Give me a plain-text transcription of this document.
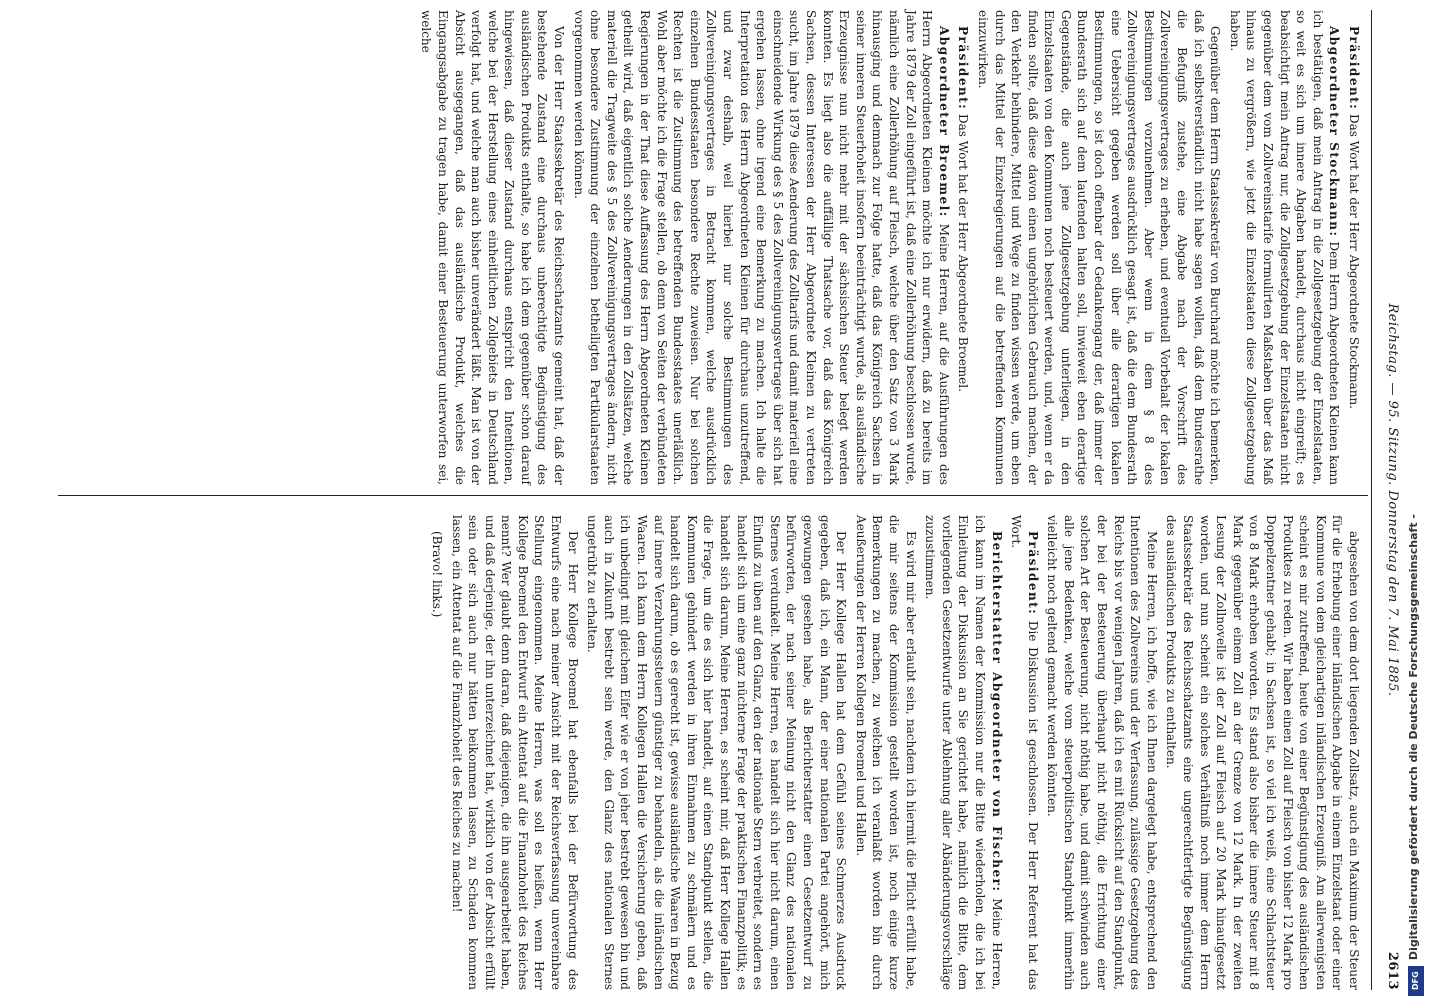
Reichstag. — 95. Sitzung. Donnerstag den 7. Mai 1885.
2613

Präsident: Das Wort hat der Herr Abgeordnete Stockmann.

Abgeordneter Stockmann: Dem Herrn Abgeordneten Kleinen kann ich bestätigen, daß mein Antrag in die Zollgesetzgebung der Einzelstaaten, so weit es sich um innere Abgaben handelt, durchaus nicht eingreift; es beabsichtigt mein Antrag nur, die Zollgesetzgebung der Einzelstaaten nicht gegenüber dem vom Zollvereinstarife formulirten Maßstaben über das Maß hinaus zu vergrößern, wie jetzt die Einzelstaaten diese Zollgesetzgebung haben.

Gegenüber dem Herrn Staatssekretär von Burchard möchte ich bemerken, daß ich selbstverständlich nicht habe sagen wollen, daß dem Bundesrathe die Befugniß zustehe, eine Abgabe nach der Vorschrift des Zollvereinigungsvertrages zu erheben, und eventuell Vorbehalt der lokalen Bestimmungen vorzunehmen. Aber wenn in dem § 8 des Zollvereinigungsvertrages ausdrücklich gesagt ist, daß die dem Bundesrath eine Uebersicht gegeben werden soll über alle derartigen lokalen Bestimmungen, so ist doch offenbar der Gedankengang der, daß immer der Bundesrath sich auf dem laufenden halten soll, inwieweit eben derartige Gegenstände, die auch jene Zollgesetzgebung unterliegen, in den Einzelstaaten von den Kommunen noch besteuert werden, und, wenn er da finden sollte, daß diese davon einen ungehörlichen Gebrauch machen, der den Verkehr behindere, Mittel und Wege zu finden wissen werde, um eben durch das Mittel der Einzelregierungen auf die betreffenden Kommunen einzuwirken.

Präsident: Das Wort hat der Herr Abgeordnete Broemel.

Abgeordneter Broemel: Meine Herren, auf die Ausführungen des Herrn Abgeordneten Kleinen möchte ich nur erwidern, daß zu bereits im Jahre 1879 der Zoll eingeführt ist, daß eine Zollerhöhung beschlossen wurde, nämlich eine Zollerhöhung auf Fleisch, welche über den Satz von 3 Mark hinausging und demnach zur Folge hatte, daß das Königreich Sachsen in seiner inneren Steuerhoheit insofern beeinträchtigt wurde, als ausländische Erzeugnisse nun nicht mehr mit der sächsischen Steuer belegt werden konnten. Es liegt also die auffällige Thatsache vor, daß das Königreich Sachsen, dessen Interessen der Herr Abgeordnete Kleinen zu vertreten sucht, im Jahre 1879 diese Aenderung des Zolltarifs und damit materiell eine einschneidende Wirkung des § 5 des Zollvereinigungsvertrages über sich hat ergehen lassen, ohne irgend eine Bemerkung zu machen. Ich halte die Interpretation des Herrn Abgeordneten Kleinen für durchaus unzutreffend, und zwar deshalb, weil hierbei nur solche Bestimmungen des Zollvereinigungsvertrages in Betracht kommen, welche ausdrücklich einzelnen Bundesstaaten besondere Rechte zuweisen. Nur bei solchen Rechten ist die Zustimmung des betreffenden Bundesstaates unerläßlich. Wohl aber möchte ich die Frage stellen, ob denn von Seiten der verbündeten Regierungen in der That diese Auffassung des Herrn Abgeordneten Kleinen getheilt wird, daß eigentlich solche Aenderungen in den Zollsätzen, welche materiell die Tragweite des § 5 des Zollvereinigungsvertrages ändern, nicht ohne besondere Zustimmung der einzelnen betheiligten Partikularstaaten vorgenommen werden können.

Von der Herr Staatssekretär des Reichsschatzamts gemeint hat, daß der bestehende Zustand eine durchaus unberechtigte Begünstigung des ausländischen Produkts enthalte, so habe ich dem gegenüber schon darauf hingewiesen, daß dieser Zustand durchaus entspricht den Intentionen, welche bei der Herstellung eines einheitlichen Zollgebiets in Deutschland verfolgt hat, und welche man auch bisher unverändert läßt. Man ist von der Absicht ausgegangen, daß das ausländische Produkt, welches die Eingangsabgabe zu tragen habe, damit einer Besteuerung unterworfen sei, welche

abgesehen von dem dort liegenden Zollsatz, auch ein Maximum der Steuer für die Erhebung einer inländischen Abgabe in einem Einzelstaat oder einer Kommune von dem gleichartigen inländischen Erzeugniß. Am allerwenigsten scheint es mir zutreffend, heute von einer Begünstigung des ausländischen Produktes zu reden. Wir haben einen Zoll auf Fleisch von bisher 12 Mark pro Doppelzentner gehabt; in Sachsen ist, so viel ich weiß, eine Schlachtsteuer von 8 Mark erhoben worden. Es stand also bisher die innere Steuer mit 8 Mark gegenüber einem Zoll an der Grenze von 12 Mark. In der zweiten Lesung der Zollnovelle ist der Zoll auf Fleisch auf 20 Mark hinaufgesetzt worden, und nun scheint ein solches Verhältniß noch immer dem Herrn Staatssekretär des Reichsschatzamts eine ungerechtfertigte Begünstigung des ausländischen Produkts zu enthalten.

Meine Herren, ich hoffe, wie ich Ihnen dargelegt habe, entsprechend den Intentionen des Zollvereins und der Verfassung, zulässige Gesetzgebung des Reichs bis vor wenigen Jahren, daß ich es mit Rücksicht auf den Standpunkt, der bei der Besteuerung überhaupt nicht nöthig, die Errichtung einer solchen Art der Besteuerung, nicht nöthig habe, und damit schwinden auch alle jene Bedenken, welche vom steuerpolitischen Standpunkt immerhin vielleicht noch geltend gemacht werden könnten.

Präsident: Die Diskussion ist geschlossen. Der Herr Referent hat das Wort.

Berichterstatter Abgeordneter von Fischer: Meine Herren, ich kann im Namen der Kommission nur die Bitte wiederholen, die ich bei Einleitung der Diskussion an Sie gerichtet habe, nämlich die Bitte, dem vorliegenden Gesetzentwurfe unter Ablehnung aller Abänderungsvorschläge zuzustimmen.

Es wird mir aber erlaubt sein, nachdem ich hiermit die Pflicht erfüllt habe, die mir seitens der Kommission gestellt worden ist, noch einige kurze Bemerkungen zu machen, zu welchen ich veranlaßt worden bin durch Aeußerungen der Herren Kollegen Broemel und Hallen.

Der Herr Kollege Hallen hat dem Gefühl seines Schmerzes Ausdruck gegeben, daß ich, ein Mann, der einer nationalen Partei angehört, mich gezwungen gesehen habe, als Berichterstatter einen Gesetzentwurf zu befürworten, der nach seiner Meinung nicht den Glanz des nationalen Sternes verdunkelt. Meine Herren, es handelt sich hier nicht darum, einen Einfluß zu üben auf den Glanz, den der nationale Stern verbreitet, sondern es handelt sich um eine ganz nüchterne Frage der praktischen Finanzpolitik; es handelt sich darum, Meine Herren, es scheint mir, daß Herr Kollege Hallen die Frage, um die es sich hier handelt, auf einen Standpunkt stellen, die Kommunen gehindert werden in ihren Einnahmen zu schmälern und es handelt sich darum, ob es gerecht ist, gewisse ausländische Waaren in Bezug auf innere Verzehrungssteuern günstiger zu behandeln, als die inländischen Waaren. Ich kann dem Herrn Kollegen Hallen die Versicherung geben, daß ich unbedingt mit gleichem Eifer wie er von jeher bestrebt gewesen bin und auch in Zukunft bestrebt sein werde, den Glanz des nationalen Sternes ungetrübt zu erhalten.

Der Herr Kollege Broemel hat ebenfalls bei der Befürwortung des Entwurfs eine nach meiner Ansicht mit der Reichsverfassung unvereinbare Stellung eingenommen. Meine Herren, was soll es heißen, wenn Herr Kollege Broemel den Entwurf ein Attentat auf die Finanzhoheit des Reiches nennt? Wer glaubt denn daran, daß diejenigen, die ihn ausgearbeitet haben, und daß derjenige, der ihn unterzeichnet hat, wirklich von der Absicht erfüllt sein oder sich auch nur hätten beikommen lassen, zu Schaden kommen lassen, ein Attentat auf die Finanzhoheit des Reiches zu machen!

(Bravo! links.)	Digitalisierung gefördert durch die Deutsche Forschungsgemeinschaft -
DFG
